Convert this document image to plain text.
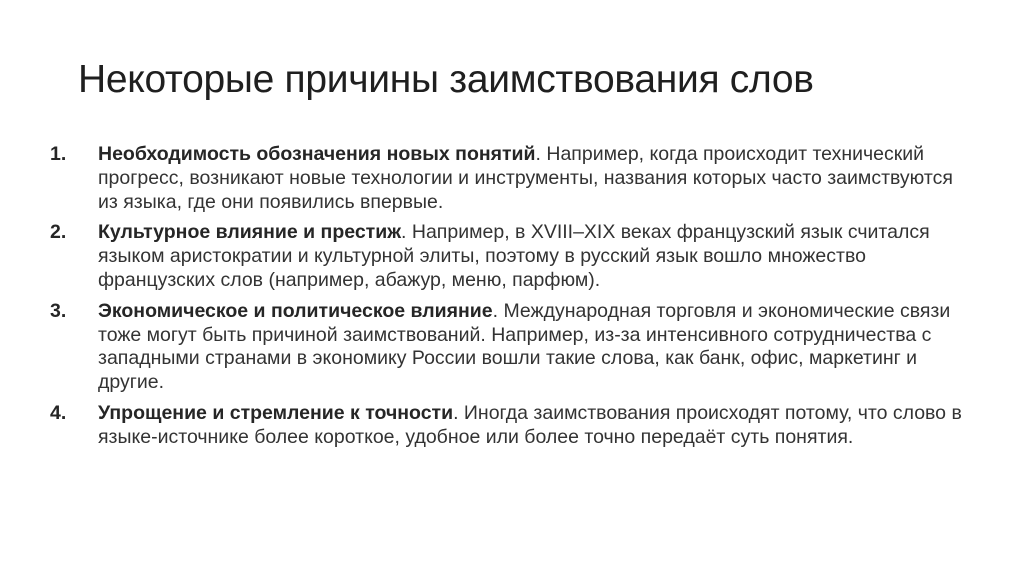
Некоторые причины заимствования слов
1.	Необходимость обозначения новых понятий. Например, когда происходит технический прогресс, возникают новые технологии и инструменты, названия которых часто заимствуются из языка, где они появились впервые.
2.	Культурное влияние и престиж. Например, в XVIII–XIX веках французский язык считался языком аристократии и культурной элиты, поэтому в русский язык вошло множество французских слов (например, абажур, меню, парфюм).
3.	Экономическое и политическое влияние. Международная торговля и экономические связи тоже могут быть причиной заимствований. Например, из-за интенсивного сотрудничества с западными странами в экономику России вошли такие слова, как банк, офис, маркетинг и другие.
4.	Упрощение и стремление к точности. Иногда заимствования происходят потому, что слово в языке-источнике более короткое, удобное или более точно передаёт суть понятия.
